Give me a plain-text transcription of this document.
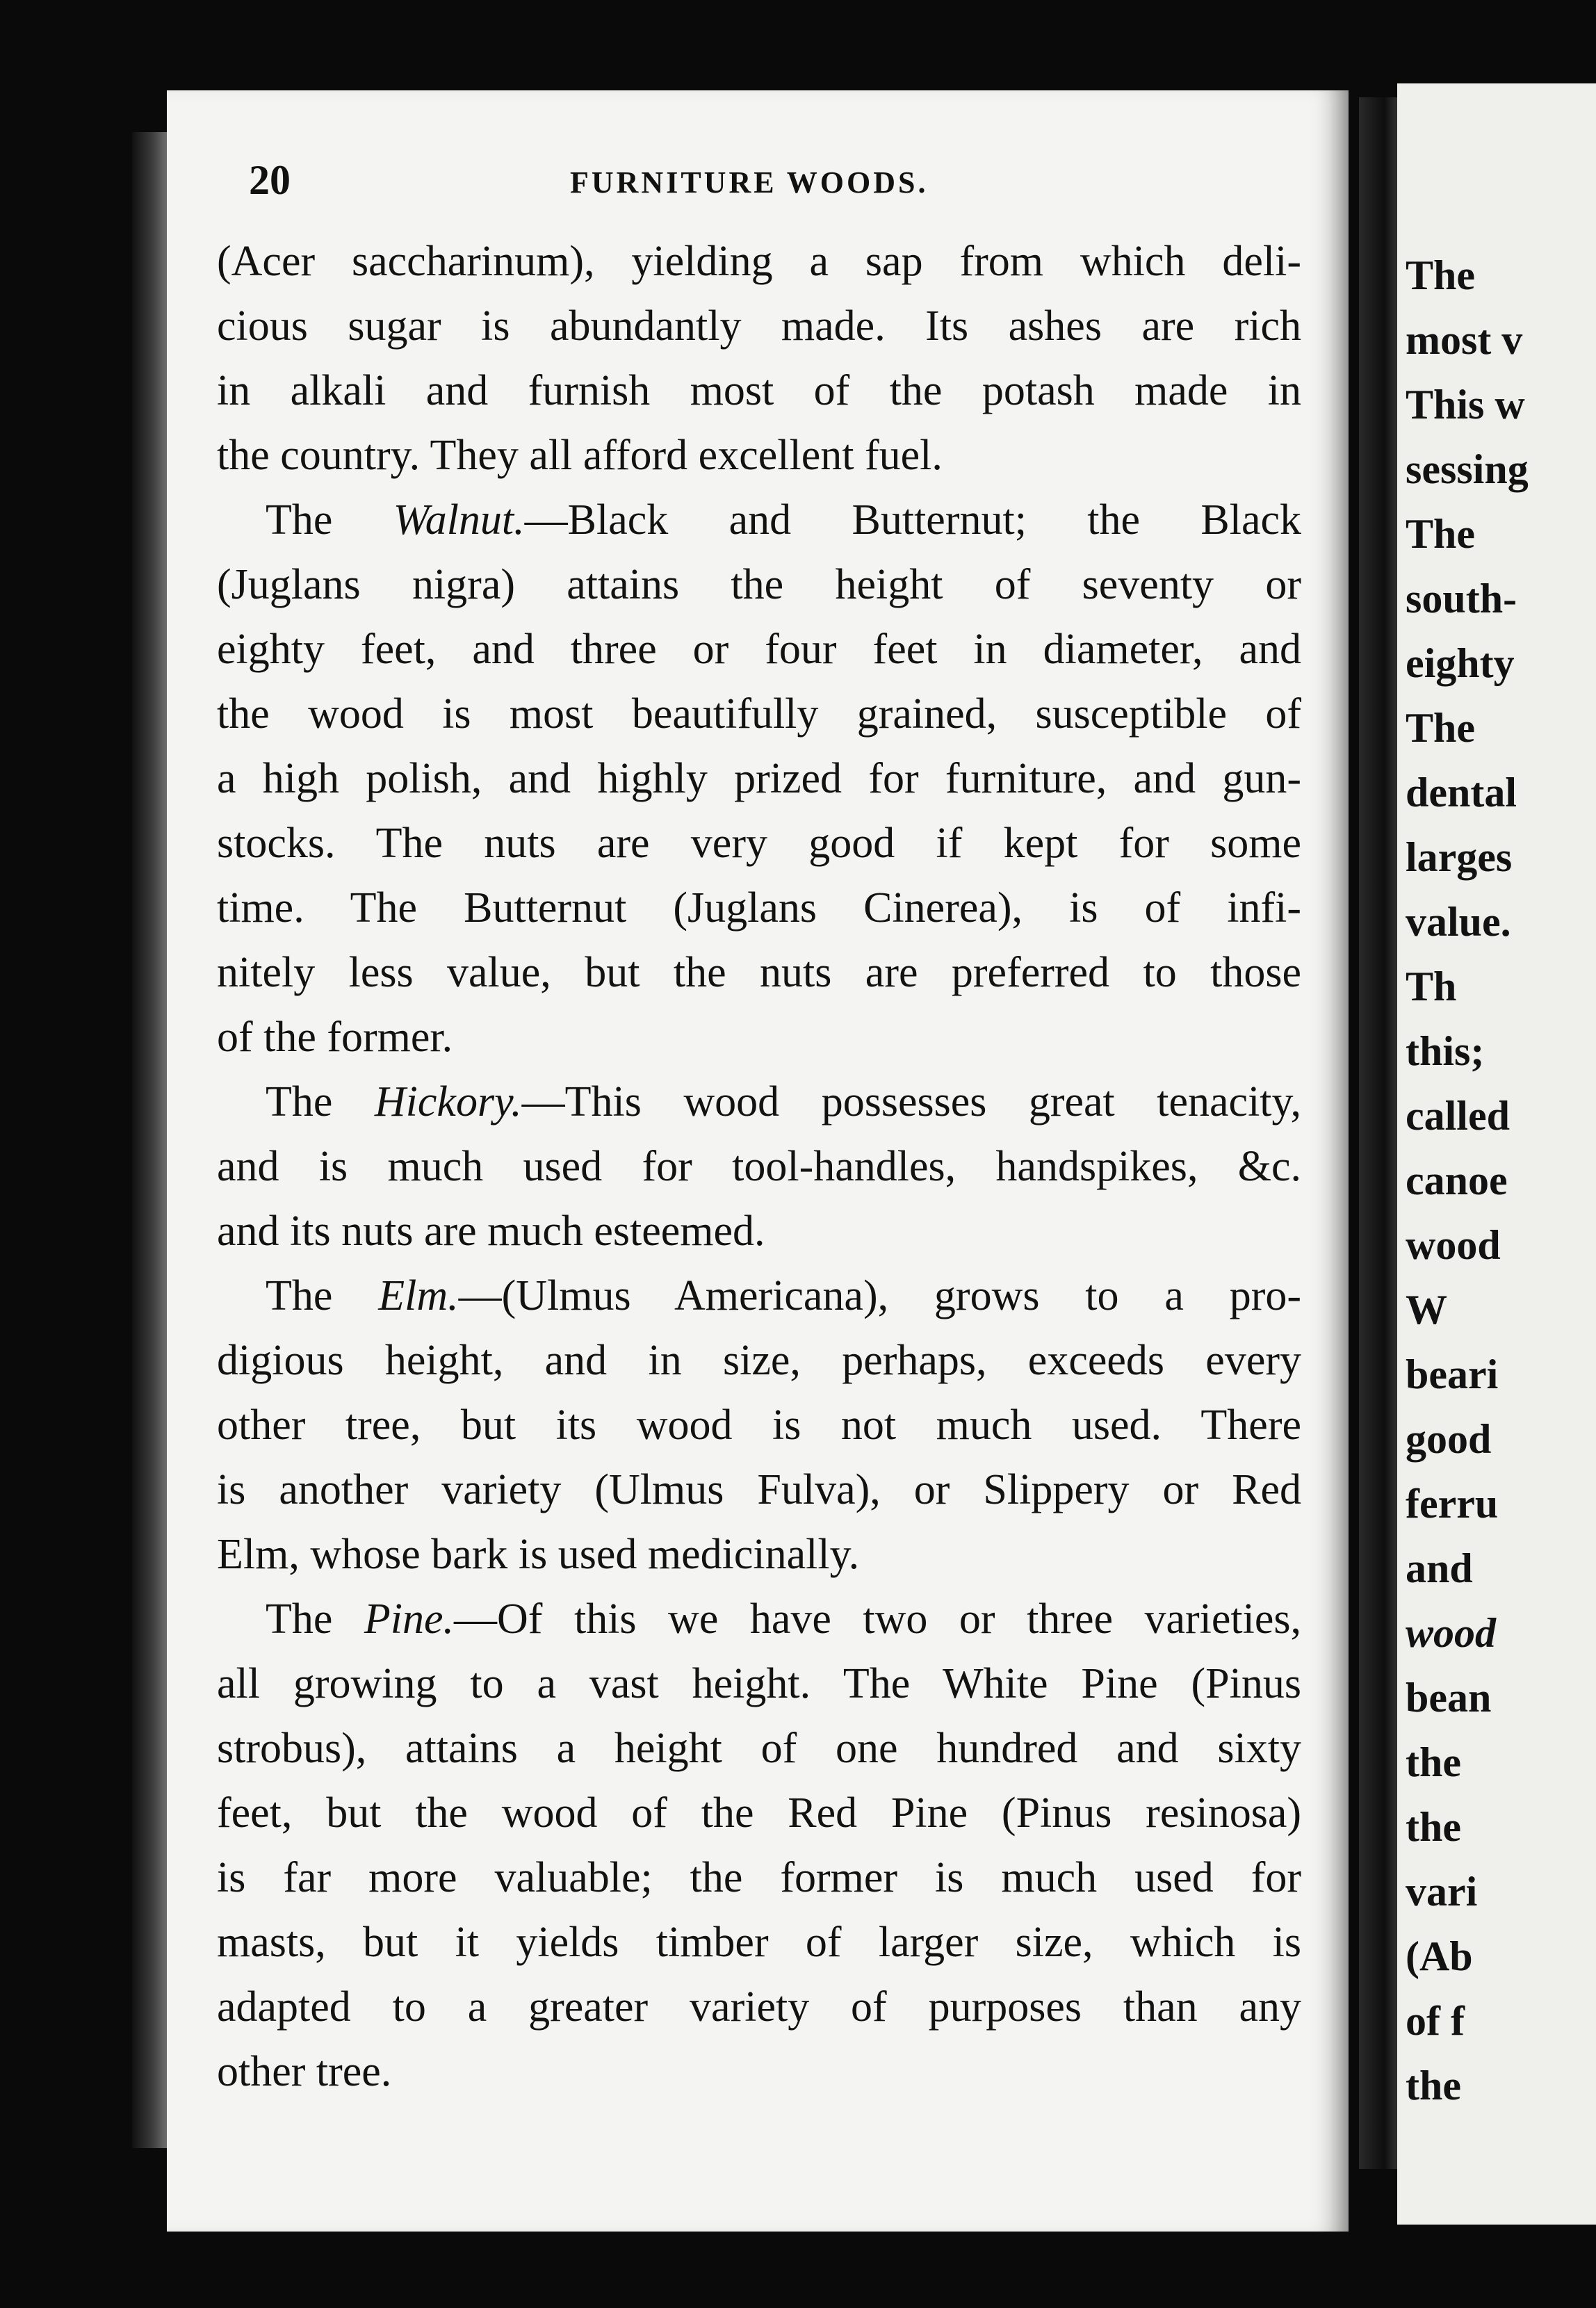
20	FURNITURE WOODS.
(Acer saccharinum), yielding a sap from which deli-
cious sugar is abundantly made. Its ashes are rich
in alkali and furnish most of the potash made in
the country. They all afford excellent fuel.
The Walnut.—Black and Butternut; the Black
(Juglans nigra) attains the height of seventy or
eighty feet, and three or four feet in diameter, and
the wood is most beautifully grained, susceptible of
a high polish, and highly prized for furniture, and gun-
stocks. The nuts are very good if kept for some
time. The Butternut (Juglans Cinerea), is of infi-
nitely less value, but the nuts are preferred to those
of the former.
The Hickory.—This wood possesses great tenacity,
and is much used for tool-handles, handspikes, &c.
and its nuts are much esteemed.
The Elm.—(Ulmus Americana), grows to a pro-
digious height, and in size, perhaps, exceeds every
other tree, but its wood is not much used. There
is another variety (Ulmus Fulva), or Slippery or Red
Elm, whose bark is used medicinally.
The Pine.—Of this we have two or three varieties,
all growing to a vast height. The White Pine (Pinus
strobus), attains a height of one hundred and sixty
feet, but the wood of the Red Pine (Pinus resinosa)
is far more valuable; the former is much used for
masts, but it yields timber of larger size, which is
adapted to a greater variety of purposes than any
other tree.
The
most v
This w
sessing
The
south-
eighty
The
dental
larges
value.
Th
this;
called
canoe
wood
W
beari
good
ferru
and
wood
bean
the
the
vari
(Ab
of f
the
